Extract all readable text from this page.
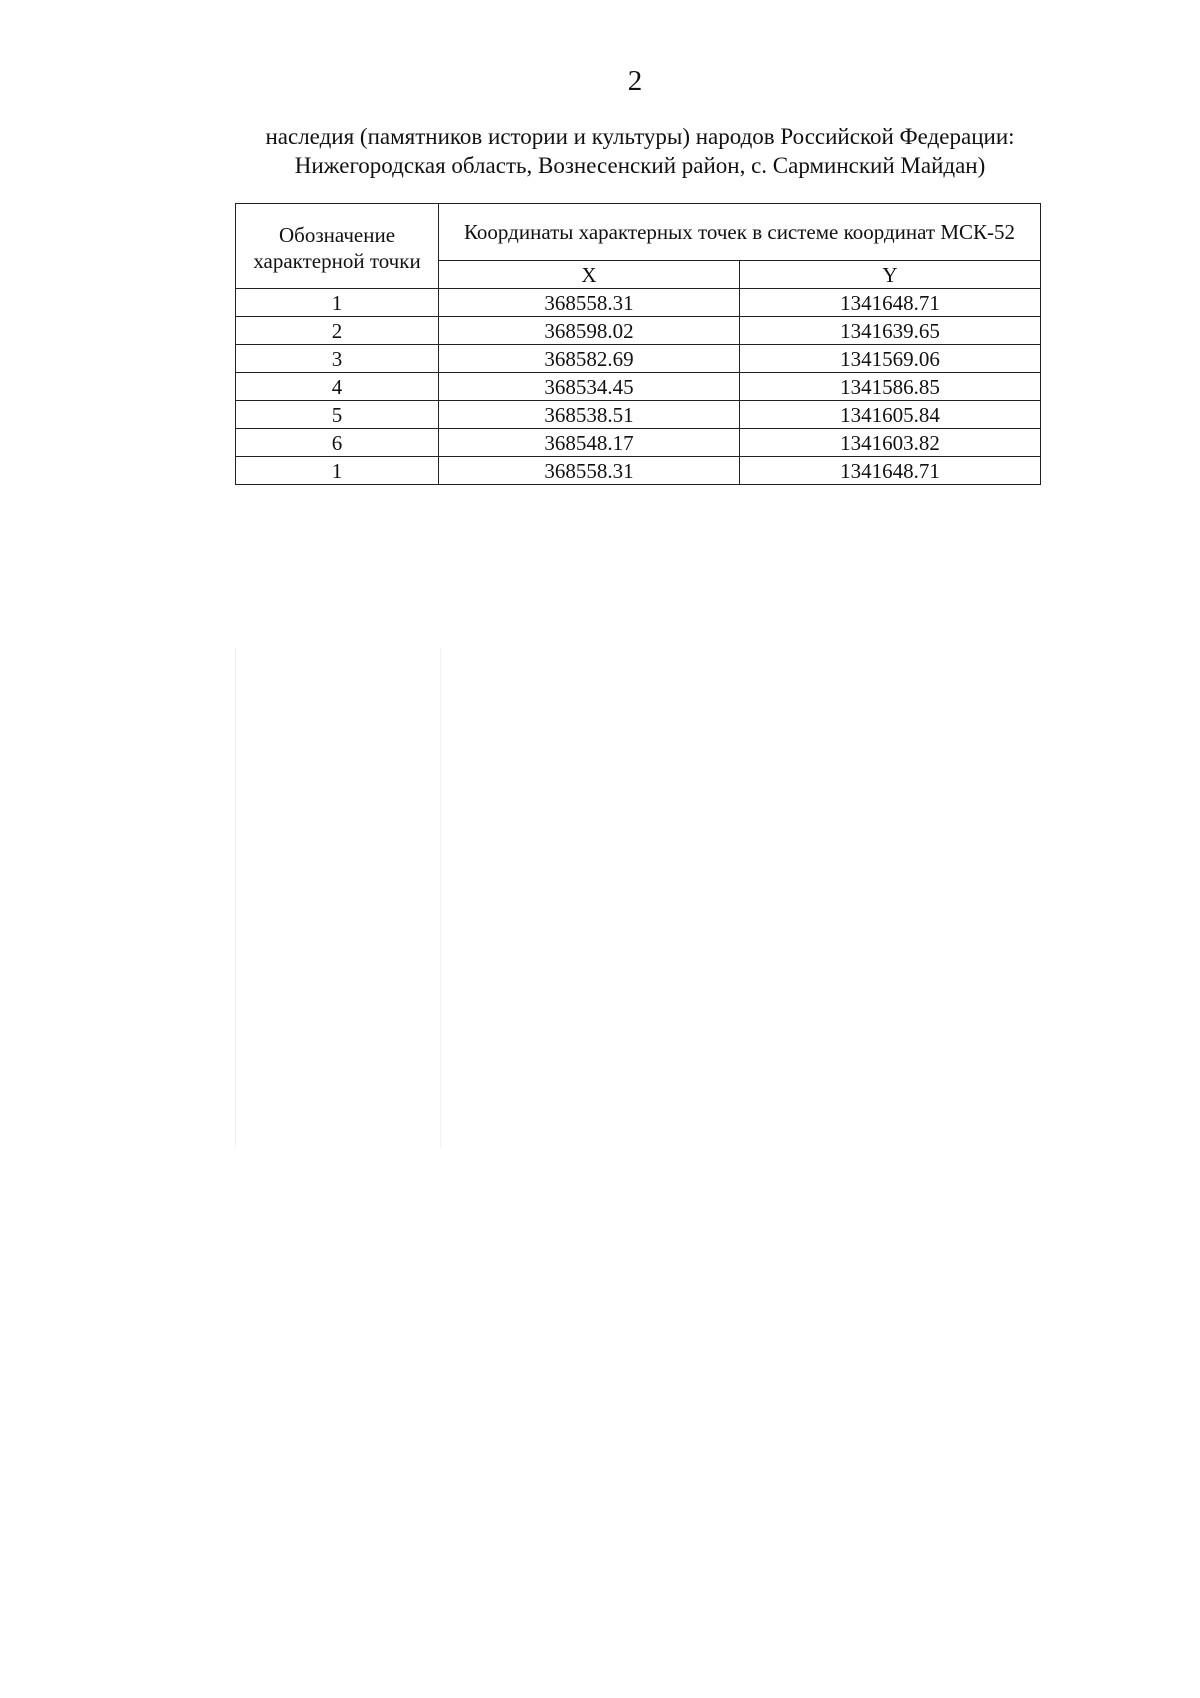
2
наследия (памятников истории и культуры) народов Российской Федерации:
Нижегородская область, Вознесенский район, с. Сарминский Майдан)
Обозначение характерной точки	Координаты характерных точек в системе координат МСК-52	
	X	Y
1	368558.31	1341648.71
2	368598.02	1341639.65
3	368582.69	1341569.06
4	368534.45	1341586.85
5	368538.51	1341605.84
6	368548.17	1341603.82
1	368558.31	1341648.71
